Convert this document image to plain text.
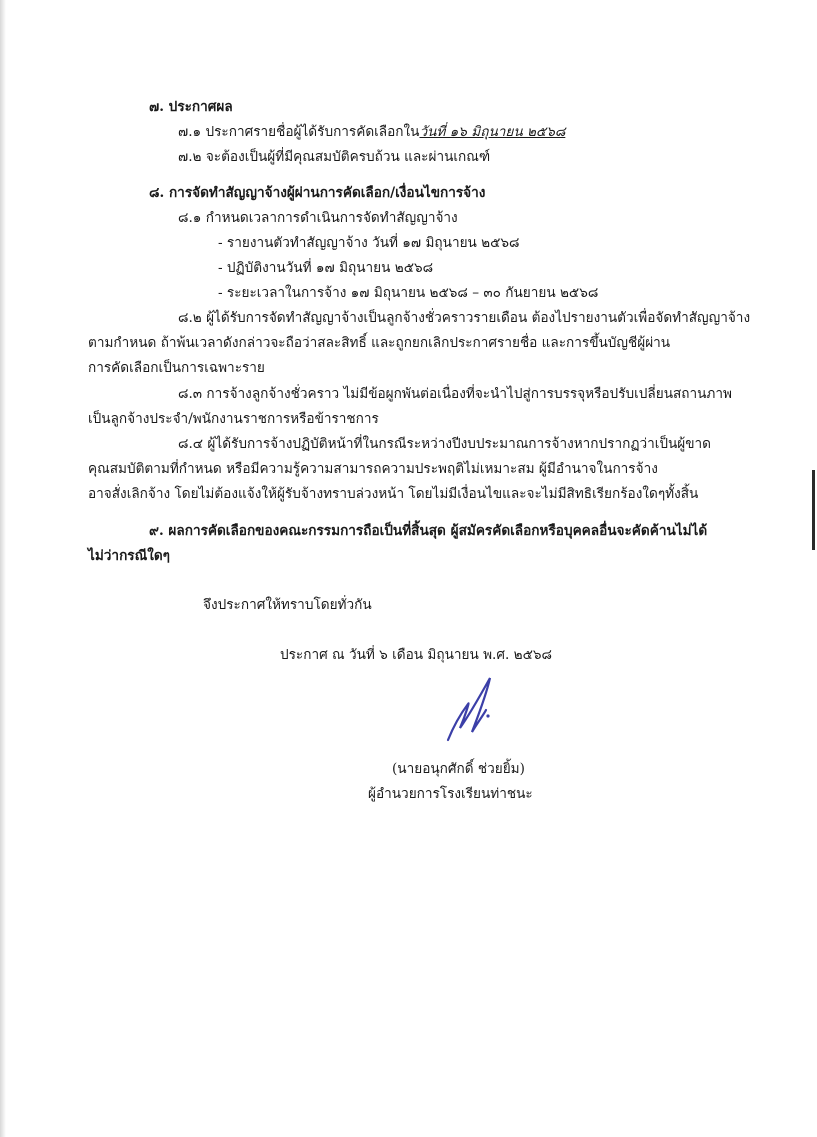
๗. ประกาศผล
๗.๑ ประกาศรายชื่อผู้ได้รับการคัดเลือกในวันที่ ๑๖ มิถุนายน ๒๕๖๘
๗.๒ จะต้องเป็นผู้ที่มีคุณสมบัติครบถ้วน และผ่านเกณฑ์
๘. การจัดทำสัญญาจ้างผู้ผ่านการคัดเลือก/เงื่อนไขการจ้าง
๘.๑ กำหนดเวลาการดำเนินการจัดทำสัญญาจ้าง
- รายงานตัวทำสัญญาจ้าง วันที่ ๑๗ มิถุนายน ๒๕๖๘
- ปฏิบัติงานวันที่ ๑๗ มิถุนายน ๒๕๖๘
- ระยะเวลาในการจ้าง ๑๗ มิถุนายน ๒๕๖๘ – ๓๐ กันยายน ๒๕๖๘
๘.๒ ผู้ได้รับการจัดทำสัญญาจ้างเป็นลูกจ้างชั่วคราวรายเดือน ต้องไปรายงานตัวเพื่อจัดทำสัญญาจ้าง
ตามกำหนด ถ้าพ้นเวลาดังกล่าวจะถือว่าสละสิทธิ์ และถูกยกเลิกประกาศรายชื่อ และการขึ้นบัญชีผู้ผ่าน
การคัดเลือกเป็นการเฉพาะราย
๘.๓ การจ้างลูกจ้างชั่วคราว ไม่มีข้อผูกพันต่อเนื่องที่จะนำไปสู่การบรรจุหรือปรับเปลี่ยนสถานภาพ
เป็นลูกจ้างประจำ/พนักงานราชการหรือข้าราชการ
๘.๔ ผู้ได้รับการจ้างปฏิบัติหน้าที่ในกรณีระหว่างปีงบประมาณการจ้างหากปรากฏว่าเป็นผู้ขาด
คุณสมบัติตามที่กำหนด หรือมีความรู้ความสามารถความประพฤติไม่เหมาะสม ผู้มีอำนาจในการจ้าง
อาจสั่งเลิกจ้าง โดยไม่ต้องแจ้งให้ผู้รับจ้างทราบล่วงหน้า โดยไม่มีเงื่อนไขและจะไม่มีสิทธิเรียกร้องใดๆทั้งสิ้น
๙. ผลการคัดเลือกของคณะกรรมการถือเป็นที่สิ้นสุด ผู้สมัครคัดเลือกหรือบุคคลอื่นจะคัดค้านไม่ได้
ไม่ว่ากรณีใดๆ
จึงประกาศให้ทราบโดยทั่วกัน
ประกาศ ณ วันที่ ๖ เดือน มิถุนายน พ.ศ. ๒๕๖๘
(นายอนุกศักดิ์ ช่วยยิ้ม)
ผู้อำนวยการโรงเรียนท่าชนะ
